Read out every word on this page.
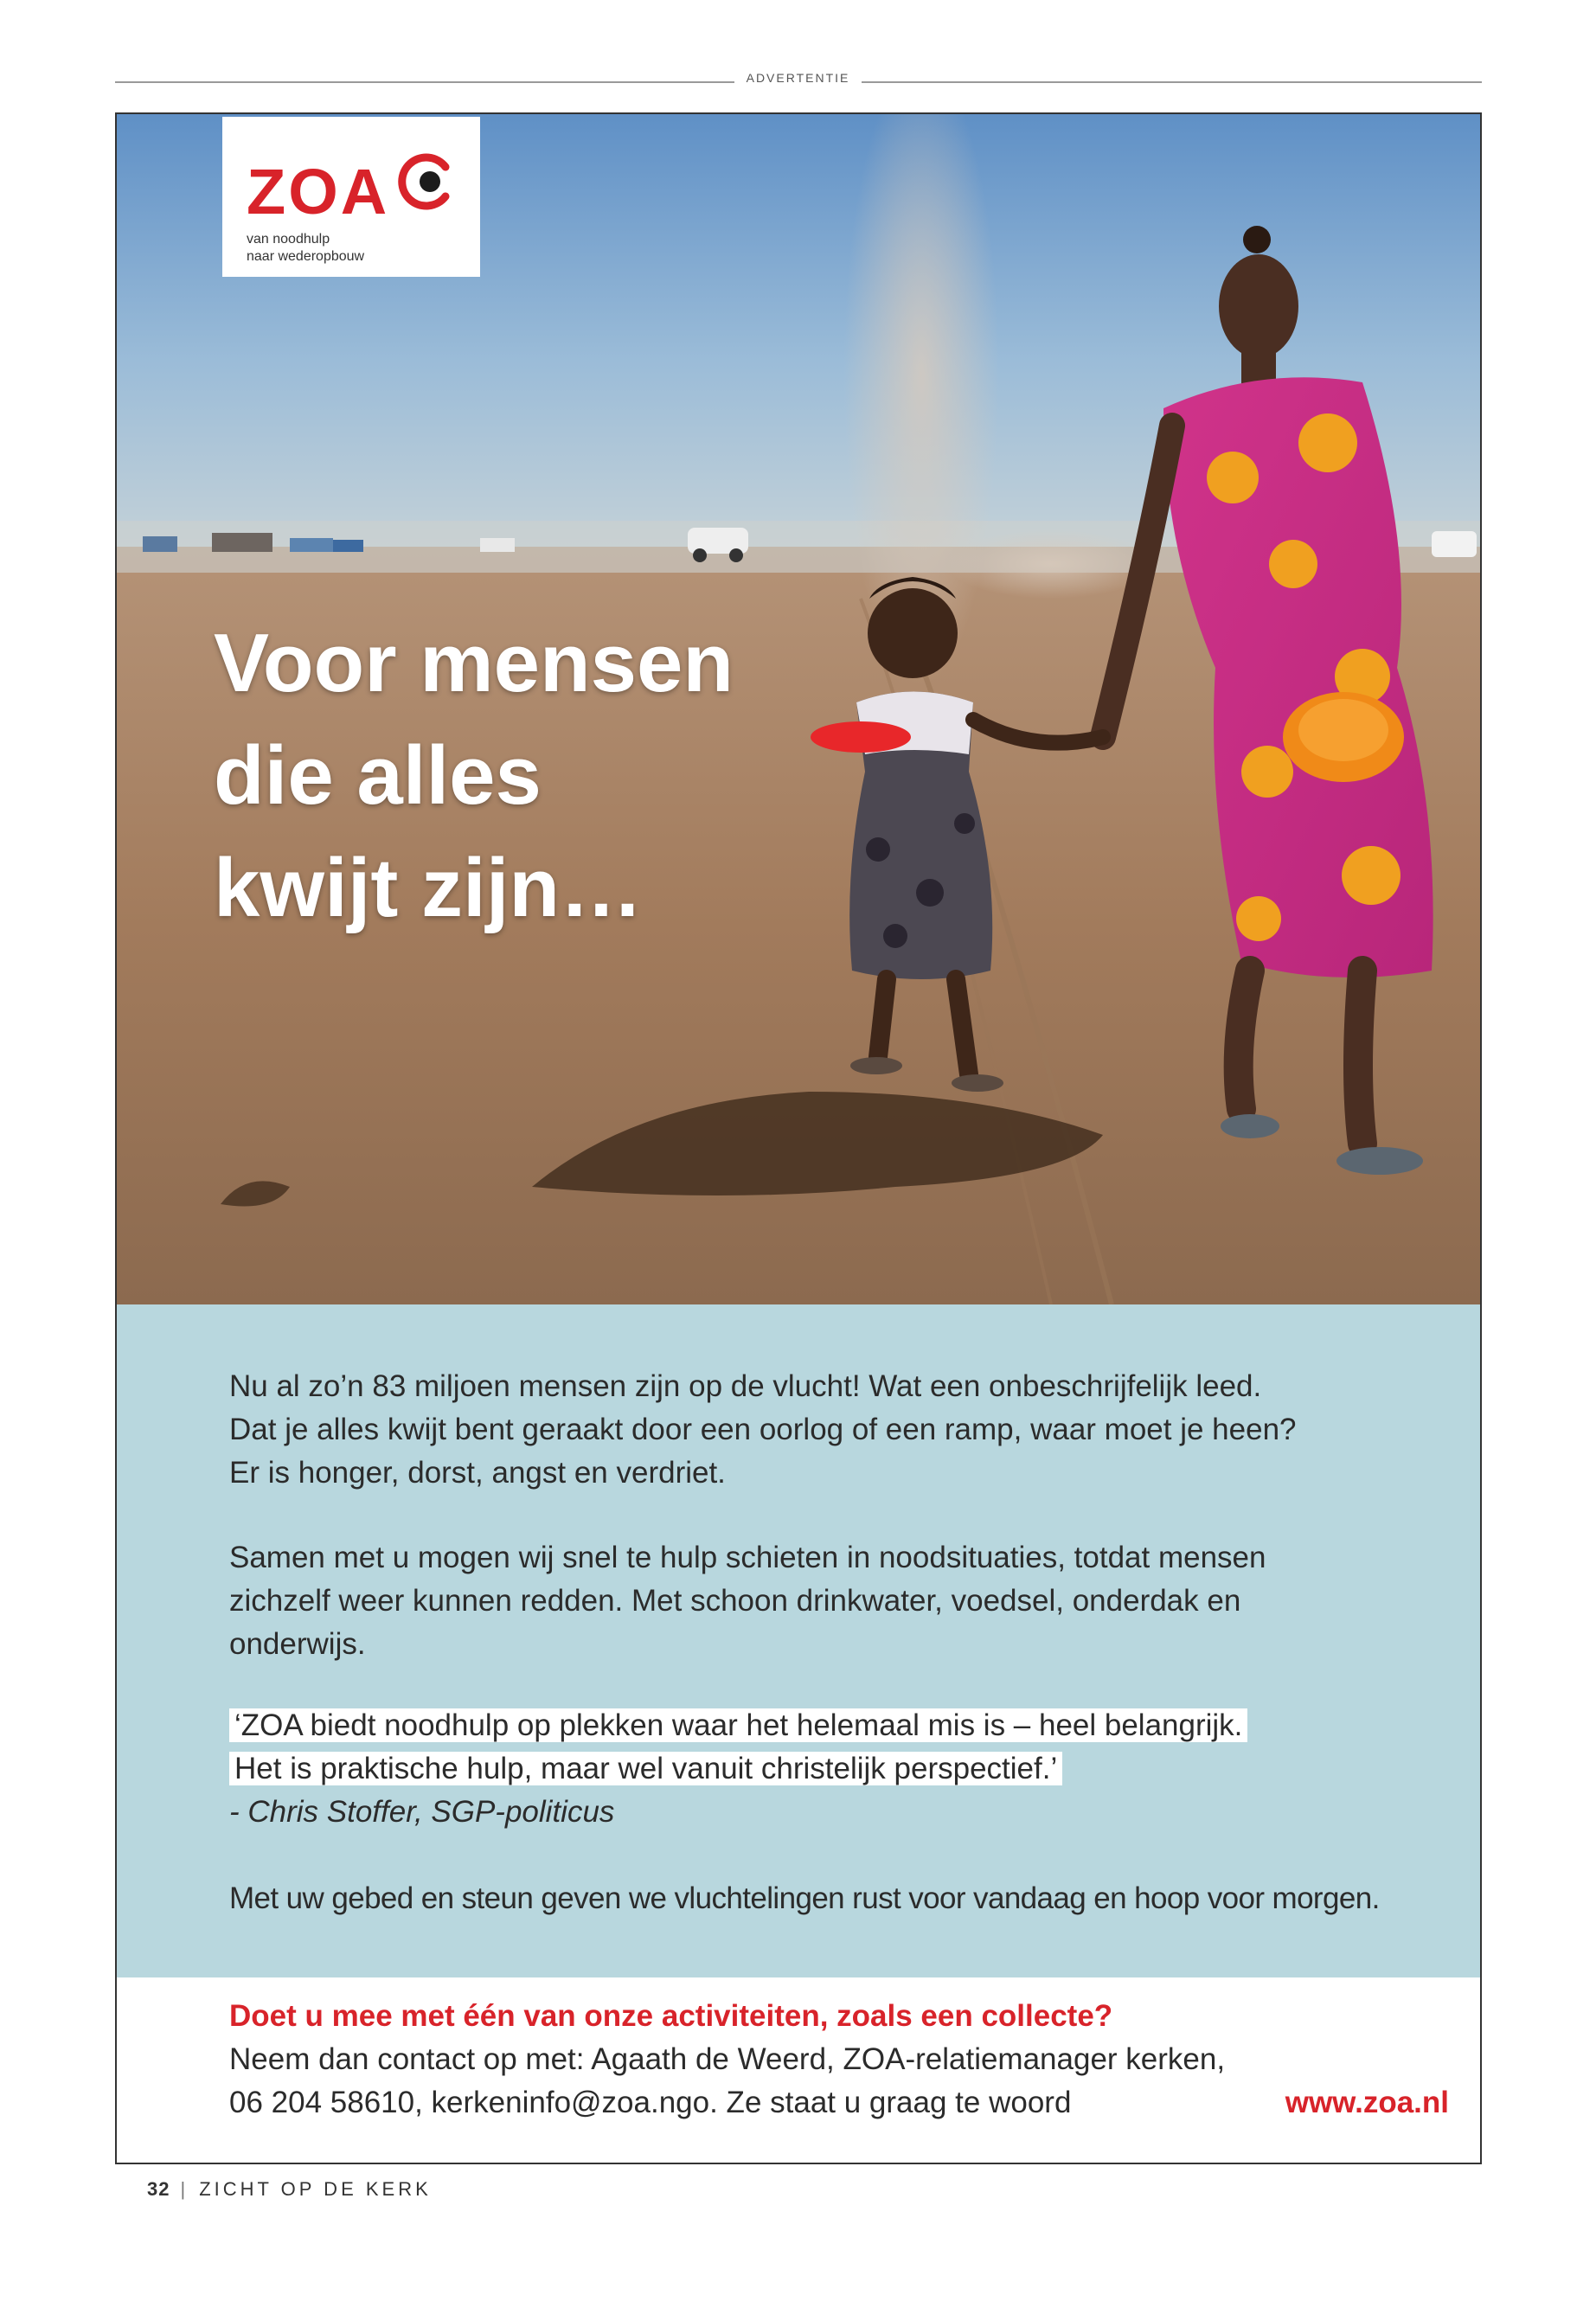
ADVERTENTIE
ZOA
van noodhulp
naar wederopbouw
Voor mensen
die alles
kwijt zijn…

Nu al zo’n 83 miljoen mensen zijn op de vlucht! Wat een onbeschrijfelijk leed.
Dat je alles kwijt bent geraakt door een oorlog of een ramp, waar moet je heen?
Er is honger, dorst, angst en verdriet.

Samen met u mogen wij snel te hulp schieten in noodsituaties, totdat mensen
zichzelf weer kunnen redden. Met schoon drinkwater, voedsel, onderdak en
onderwijs.

‘ZOA biedt noodhulp op plekken waar het helemaal mis is – heel belangrijk.
Het is praktische hulp, maar wel vanuit christelijk perspectief.’

- Chris Stoffer, SGP-politicus

Met uw gebed en steun geven we vluchtelingen rust voor vandaag en hoop voor morgen.

Doet u mee met één van onze activiteiten, zoals een collecte?

Neem dan contact op met: Agaath de Weerd, ZOA-relatiemanager kerken,

06 204 58610, kerkeninfo@zoa.ngo. Ze staat u graag te woord	www.zoa.nl
32 | ZICHT OP DE KERK
